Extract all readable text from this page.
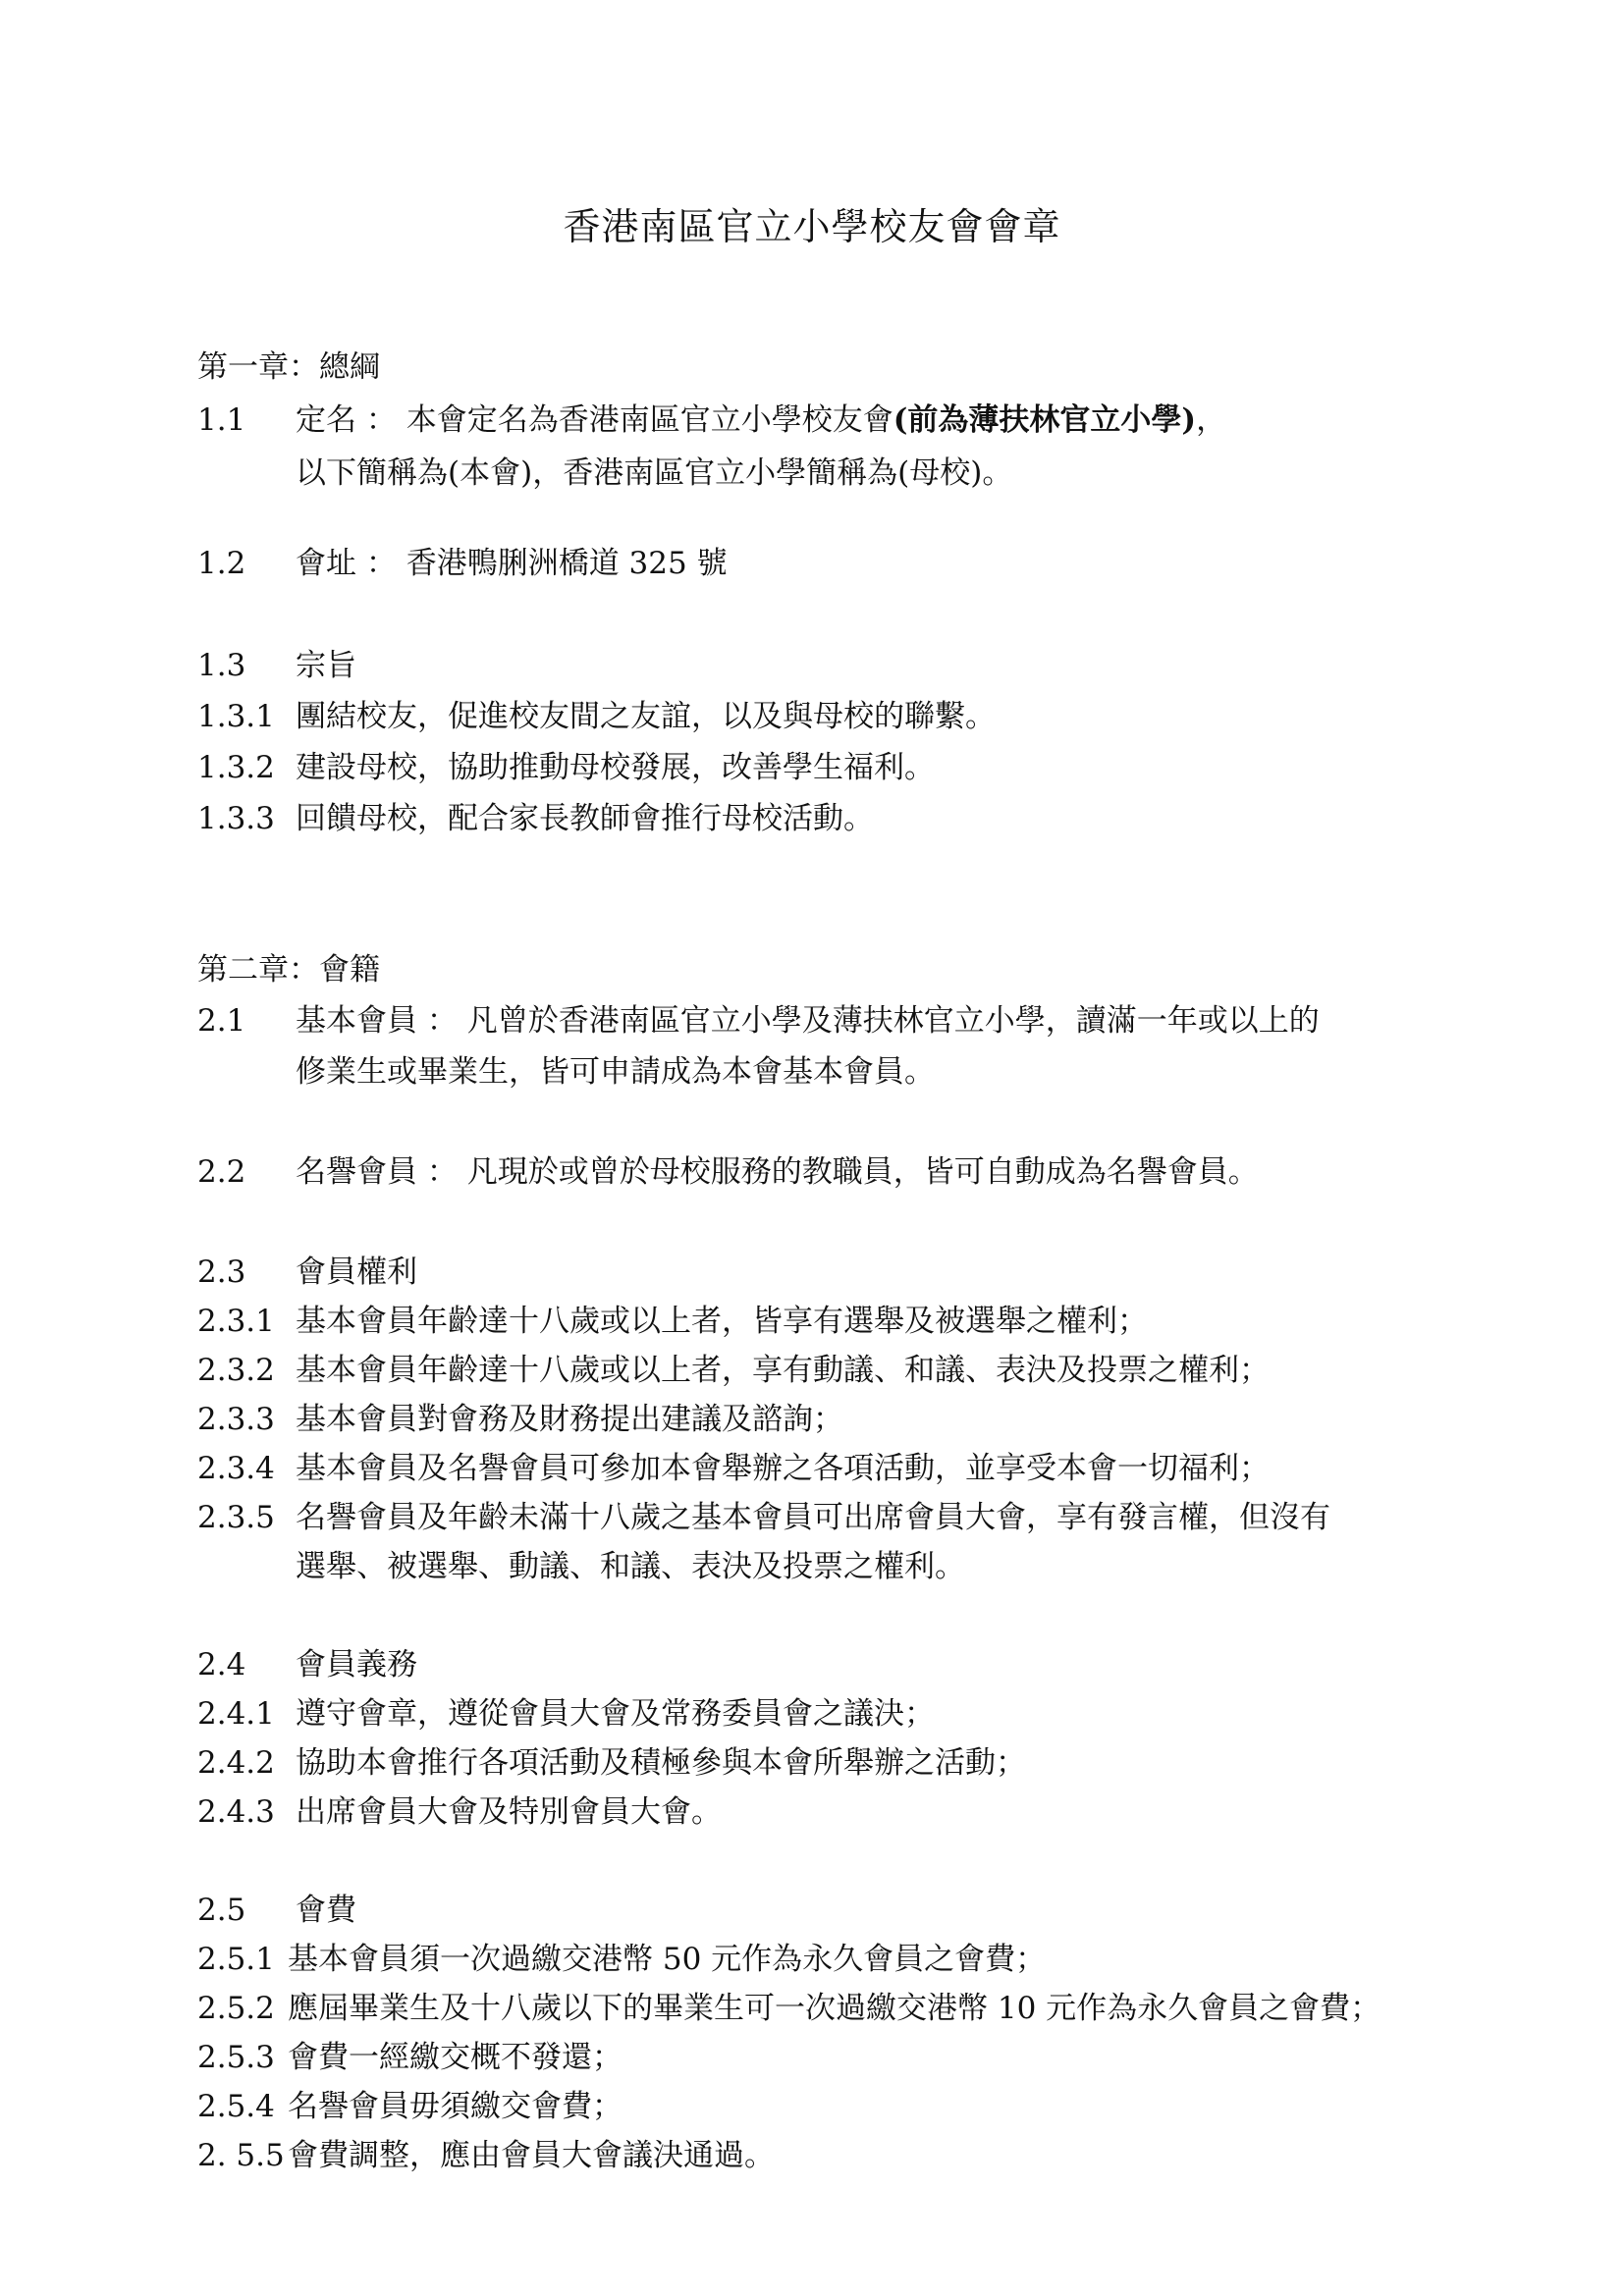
香港南區官立小學校友會會章
第一章：總綱
1.1 定名 ： 本會定名為香港南區官立小學校友會(前為薄扶林官立小學)，
以下簡稱為(本會)，香港南區官立小學簡稱為(母校)。
1.2 會址 ： 香港鴨脷洲橋道 325 號
1.3 宗旨
1.3.1 團結校友，促進校友間之友誼，以及與母校的聯繫。
1.3.2 建設母校，協助推動母校發展，改善學生福利。
1.3.3 回饋母校，配合家長教師會推行母校活動。
第二章：會籍
2.1 基本會員 ： 凡曾於香港南區官立小學及薄扶林官立小學，讀滿一年或以上的
修業生或畢業生，皆可申請成為本會基本會員。
2.2 名譽會員 ： 凡現於或曾於母校服務的教職員，皆可自動成為名譽會員。
2.3 會員權利
2.3.1 基本會員年齡達十八歲或以上者，皆享有選舉及被選舉之權利；
2.3.2 基本會員年齡達十八歲或以上者，享有動議、和議、表決及投票之權利；
2.3.3 基本會員對會務及財務提出建議及諮詢；
2.3.4 基本會員及名譽會員可參加本會舉辦之各項活動，並享受本會一切福利；
2.3.5 名譽會員及年齡未滿十八歲之基本會員可出席會員大會，享有發言權，但沒有
選舉、被選舉、動議、和議、表決及投票之權利。
2.4 會員義務
2.4.1 遵守會章，遵從會員大會及常務委員會之議決；
2.4.2 協助本會推行各項活動及積極參與本會所舉辦之活動；
2.4.3 出席會員大會及特別會員大會。
2.5 會費
2.5.1 基本會員須一次過繳交港幣 50 元作為永久會員之會費；
2.5.2 應屆畢業生及十八歲以下的畢業生可一次過繳交港幣 10 元作為永久會員之會費；
2.5.3 會費一經繳交概不發還；
2.5.4 名譽會員毋須繳交會費；
2. 5.5 會費調整，應由會員大會議決通過。
